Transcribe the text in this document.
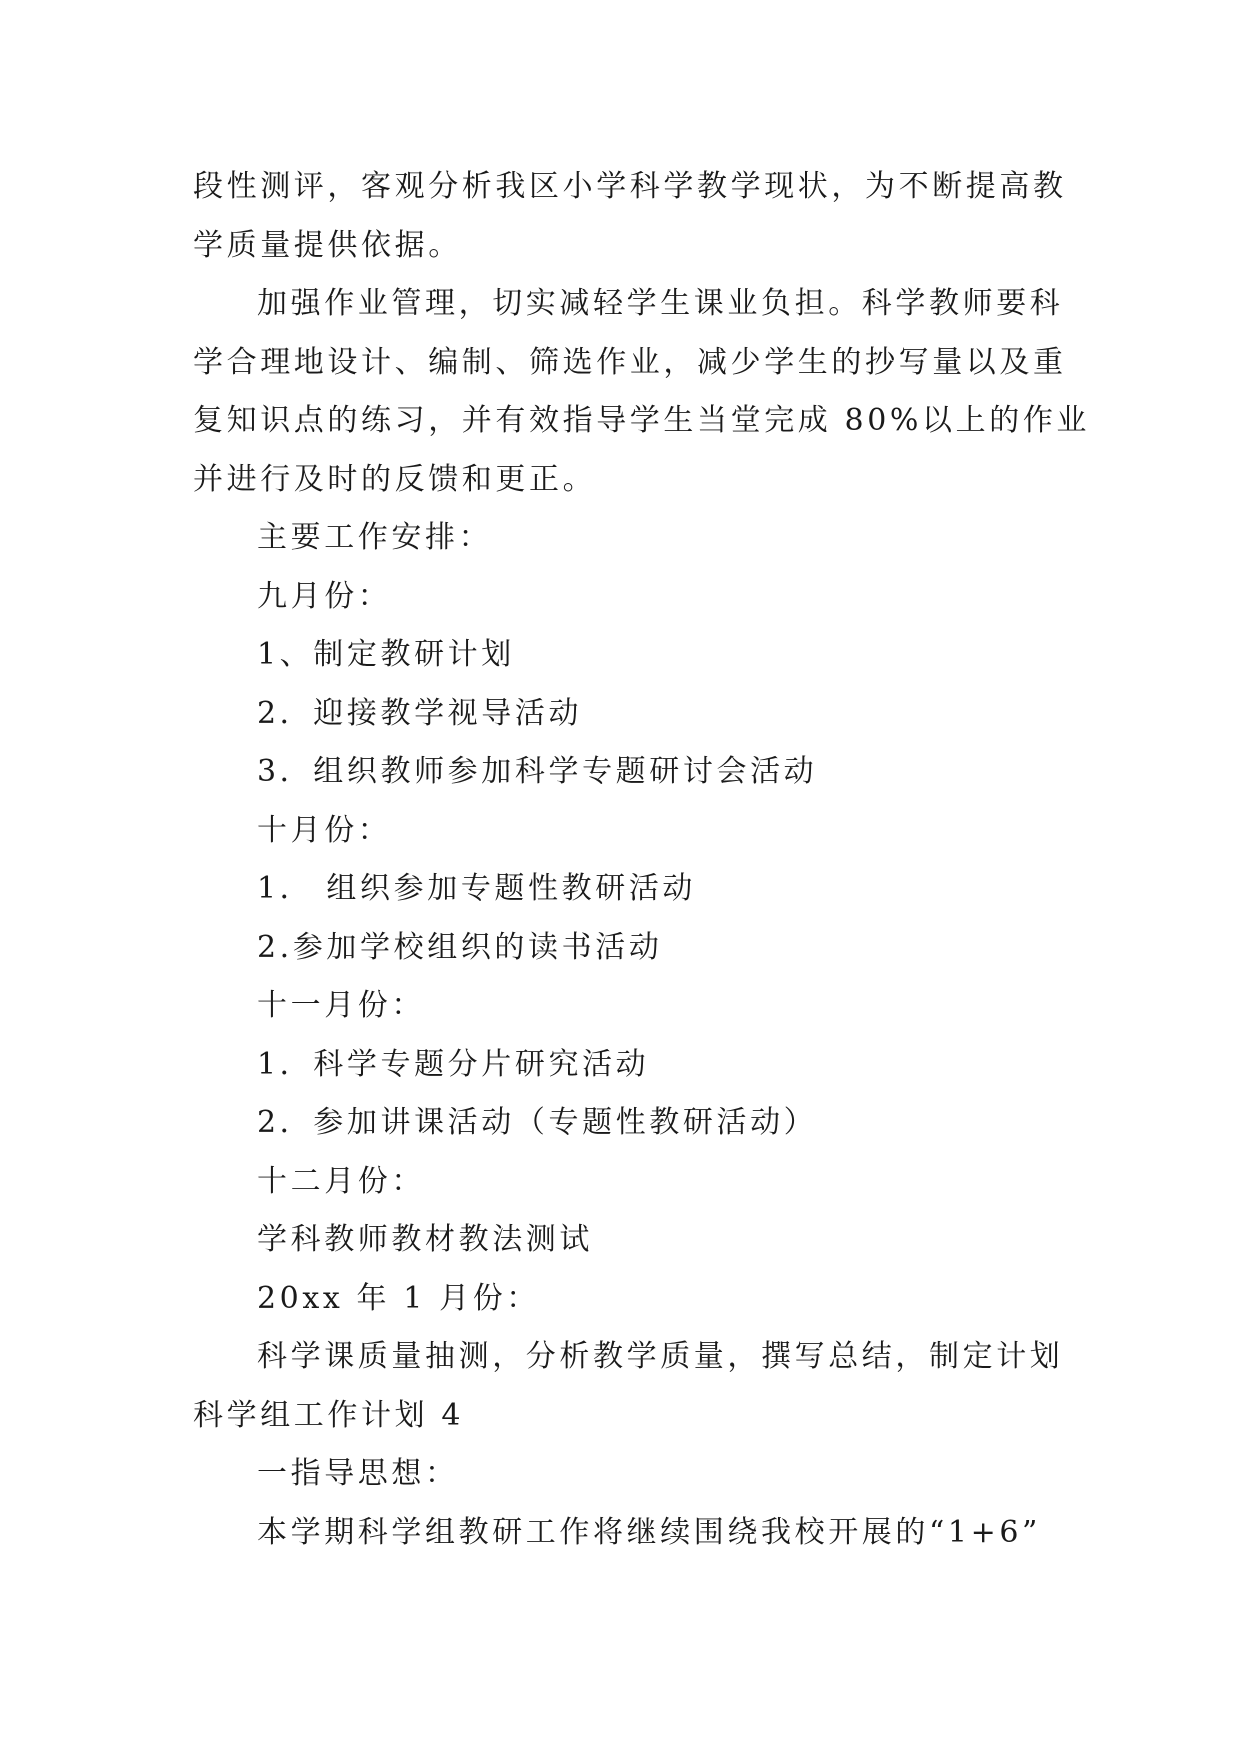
段性测评，客观分析我区小学科学教学现状，为不断提高教

学质量提供依据。

加强作业管理，切实减轻学生课业负担。科学教师要科

学合理地设计、编制、筛选作业，减少学生的抄写量以及重

复知识点的练习，并有效指导学生当堂完成 80%以上的作业

并进行及时的反馈和更正。

主要工作安排：

九月份：

1、制定教研计划

2．迎接教学视导活动

3．组织教师参加科学专题研讨会活动

十月份：

1． 组织参加专题性教研活动

2.参加学校组织的读书活动

十一月份：

1．科学专题分片研究活动

2．参加讲课活动（专题性教研活动）

十二月份：

学科教师教材教法测试

20xx 年 1 月份：

科学课质量抽测，分析教学质量，撰写总结，制定计划

科学组工作计划 4

一指导思想：

本学期科学组教研工作将继续围绕我校开展的“1+6”
